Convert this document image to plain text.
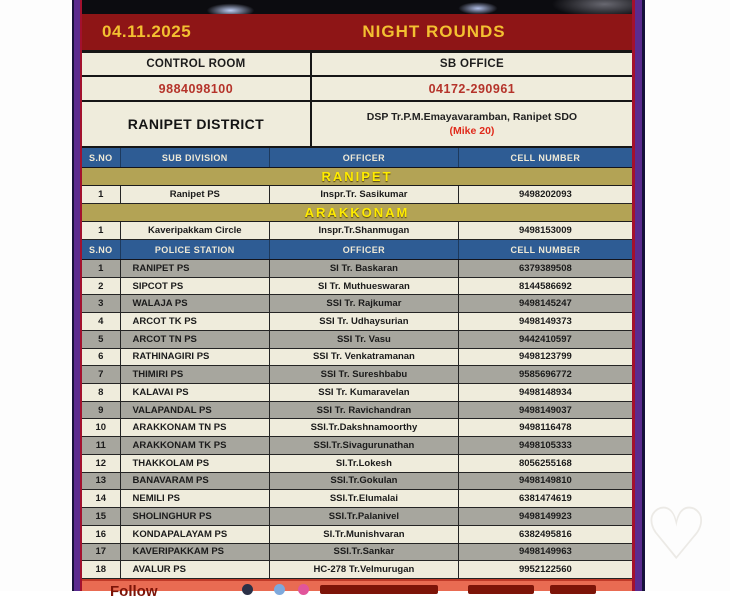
04.11.2025	NIGHT ROUNDS
CONTROL ROOM	SB OFFICE
9884098100	04172-290961
RANIPET DISTRICT	DSP Tr.P.M.Emayavaramban, Ranipet SDO
(Mike 20)
S.NO	SUB DIVISION	OFFICER	CELL NUMBER
RANIPET
1	Ranipet PS	Inspr.Tr. Sasikumar	9498202093
ARAKKONAM
1	Kaveripakkam Circle	Inspr.Tr.Shanmugan	9498153009
S.NO	POLICE STATION	OFFICER	CELL NUMBER
1	RANIPET PS	SI Tr. Baskaran	6379389508
2	SIPCOT PS	SI Tr. Muthueswaran	8144586692
3	WALAJA PS	SSI Tr. Rajkumar	9498145247
4	ARCOT TK PS	SSI Tr. Udhaysurian	9498149373
5	ARCOT TN PS	SSI Tr. Vasu	9442410597
6	RATHINAGIRI PS	SSI Tr. Venkatramanan	9498123799
7	THIMIRI PS	SSI Tr. Sureshbabu	9585696772
8	KALAVAI PS	SSI Tr. Kumaravelan	9498148934
9	VALAPANDAL PS	SSI Tr. Ravichandran	9498149037
10	ARAKKONAM TN PS	SSI.Tr.Dakshnamoorthy	9498116478
11	ARAKKONAM TK PS	SSI.Tr.Sivagurunathan	9498105333
12	THAKKOLAM PS	SI.Tr.Lokesh	8056255168
13	BANAVARAM PS	SSI.Tr.Gokulan	9498149810
14	NEMILI PS	SSI.Tr.Elumalai	6381474619
15	SHOLINGHUR PS	SSI.Tr.Palanivel	9498149923
16	KONDAPALAYAM PS	SI.Tr.Munishvaran	6382495816
17	KAVERIPAKKAM PS	SSI.Tr.Sankar	9498149963
18	AVALUR PS	HC-278 Tr.Velmurugan	9952122560
Follow
♡
